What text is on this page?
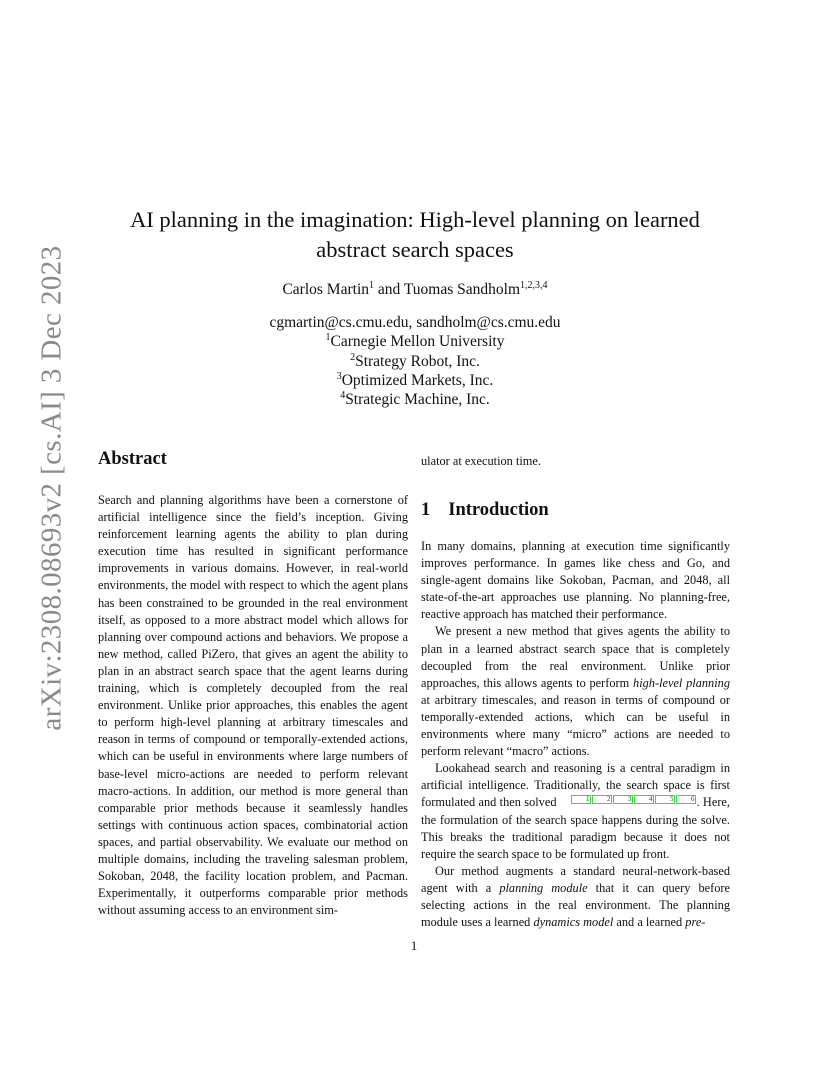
arXiv:2308.08693v2 [cs.AI] 3 Dec 2023
AI planning in the imagination: High-level planning on learned
abstract search spaces
Carlos Martin$^1$ and Tuomas Sandholm$^{1,2,3,4}$
cgmartin@cs.cmu.edu, sandholm@cs.cmu.edu
$^1$Carnegie Mellon University
$^2$Strategy Robot, Inc.
$^3$Optimized Markets, Inc.
$^4$Strategic Machine, Inc.
Abstract

Search and planning algorithms have been a cornerstone of artificial intelligence since the field’s inception. Giving reinforcement learning agents the ability to plan during execution time has resulted in significant performance improvements in various domains. However, in real-world environments, the model with respect to which the agent plans has been constrained to be grounded in the real environment itself, as opposed to a more abstract model which allows for planning over compound actions and behaviors. We propose a new method, called PiZero, that gives an agent the ability to plan in an abstract search space that the agent learns during training, which is completely decoupled from the real environment. Unlike prior approaches, this enables the agent to perform high-level planning at arbitrary timescales and reason in terms of compound or temporally-extended actions, which can be useful in environments where large numbers of base-level micro-actions are needed to perform relevant macro-actions. In addition, our method is more general than comparable prior methods because it seamlessly handles settings with continuous action spaces, combinatorial action spaces, and partial observability. We evaluate our method on multiple domains, including the traveling salesman problem, Sokoban, 2048, the facility location problem, and Pacman. Experimentally, it outperforms comparable prior methods without assuming access to an environment sim-

ulator at execution time.
1 Introduction

In many domains, planning at execution time significantly improves performance. In games like chess and Go, and single-agent domains like Sokoban, Pacman, and 2048, all state-of-the-art approaches use planning. No planning-free, reactive approach has matched their performance.

We present a new method that gives agents the ability to plan in a learned abstract search space that is completely decoupled from the real environment. Unlike prior approaches, this allows agents to perform high-level planning at arbitrary timescales, and reason in terms of compound or temporally-extended actions, which can be useful in environments where many “micro” actions are needed to perform relevant “macro” actions.

Lookahead search and reasoning is a central paradigm in artificial intelligence. Traditionally, the search space is first formulated and then solved	1	2	3	4	5	6 . Here, the formulation of the search space happens during the solve. This breaks the traditional paradigm because it does not require the search space to be formulated up front.

Our method augments a standard neural-network-based agent with a planning module that it can query before selecting actions in the real environment. The planning module uses a learned dynamics model and a learned pre-

1
